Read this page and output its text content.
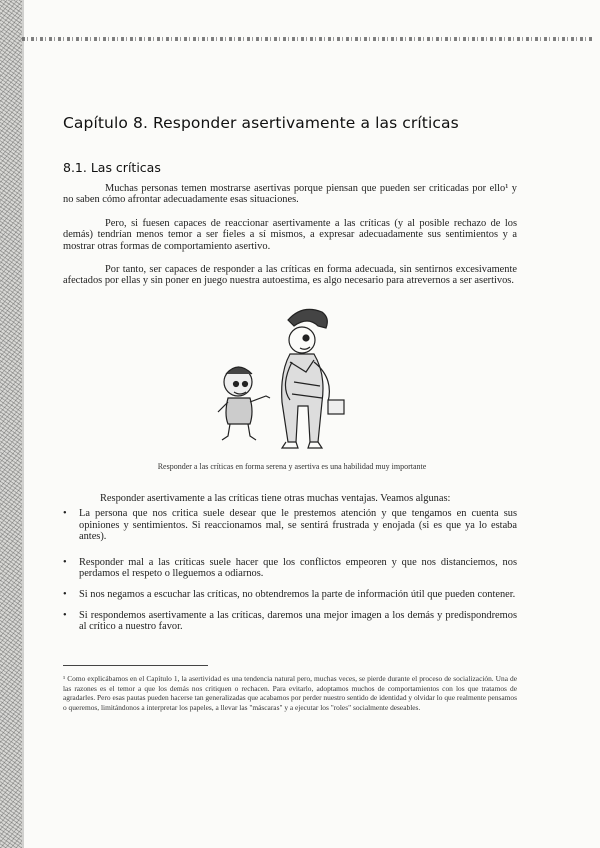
Capítulo 8. Responder asertivamente a las críticas
8.1. Las críticas

Muchas personas temen mostrarse asertivas porque piensan que pueden ser criticadas por ello¹ y no saben cómo afrontar adecuadamente esas situaciones.

Pero, si fuesen capaces de reaccionar asertivamente a las críticas (y al posible rechazo de los demás) tendrían menos temor a ser fieles a sí mismos, a expresar adecuadamente sus sentimientos y a mostrar otras formas de comportamiento asertivo.

Por tanto, ser capaces de responder a las críticas en forma adecuada, sin sentirnos excesivamente afectados por ellas y sin poner en juego nuestra autoestima, es algo necesario para atrevernos a ser asertivos.

Responder a las críticas en forma serena y asertiva es una habilidad muy importante

Responder asertivamente a las críticas tiene otras muchas ventajas. Veamos algunas:

•	La persona que nos critica suele desear que le prestemos atención y que tengamos en cuenta sus opiniones y sentimientos. Si reaccionamos mal, se sentirá frustrada y enojada (si es que ya lo estaba antes).
•	Responder mal a las críticas suele hacer que los conflictos empeoren y que nos distanciemos, nos perdamos el respeto o lleguemos a odiarnos.
•	Si nos negamos a escuchar las críticas, no obtendremos la parte de información útil que pueden contener.
•	Si respondemos asertivamente a las críticas, daremos una mejor imagen a los demás y predispondremos al crítico a nuestro favor.

¹ Como explicábamos en el Capítulo 1, la asertividad es una tendencia natural pero, muchas veces, se pierde durante el proceso de socialización. Una de las razones es el temor a que los demás nos critiquen o rechacen. Para evitarlo, adoptamos muchos de comportamientos con los que tratamos de agradarles. Pero esas pautas pueden hacerse tan generalizadas que acabamos por perder nuestro sentido de identidad y olvidar lo que realmente pensamos o queremos, limitándonos a interpretar los papeles, a llevar las "máscaras" y a ejecutar los "roles" socialmente deseables.
